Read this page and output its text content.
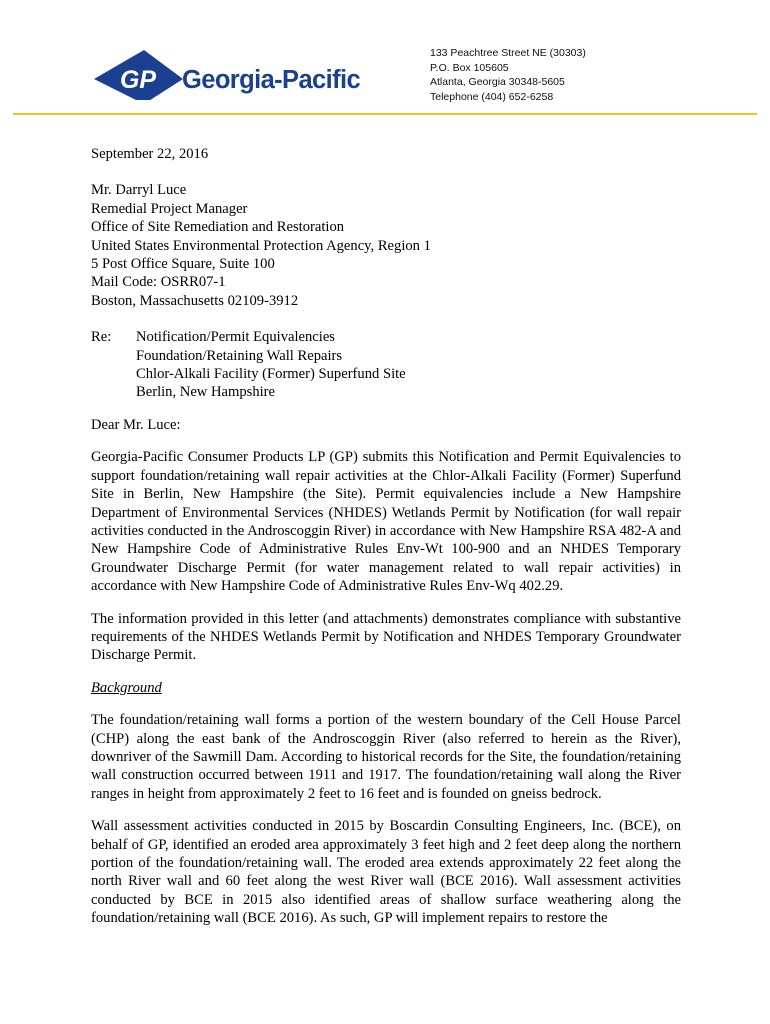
GP Georgia-Pacific
133 Peachtree Street NE (30303)
P.O. Box 105605
Atlanta, Georgia 30348-5605
Telephone (404) 652-6258
September 22, 2016
Mr. Darryl Luce
Remedial Project Manager
Office of Site Remediation and Restoration
United States Environmental Protection Agency, Region 1
5 Post Office Square, Suite 100
Mail Code: OSRR07-1
Boston, Massachusetts 02109-3912
Re:	Notification/Permit Equivalencies
Foundation/Retaining Wall Repairs
Chlor-Alkali Facility (Former) Superfund Site
Berlin, New Hampshire
Dear Mr. Luce:

Georgia-Pacific Consumer Products LP (GP) submits this Notification and Permit Equivalencies to support foundation/retaining wall repair activities at the Chlor-Alkali Facility (Former) Superfund Site in Berlin, New Hampshire (the Site). Permit equivalencies include a New Hampshire Department of Environmental Services (NHDES) Wetlands Permit by Notification (for wall repair activities conducted in the Androscoggin River) in accordance with New Hampshire RSA 482-A and New Hampshire Code of Administrative Rules Env-Wt 100-900 and an NHDES Temporary Groundwater Discharge Permit (for water management related to wall repair activities) in accordance with New Hampshire Code of Administrative Rules Env-Wq 402.29.

The information provided in this letter (and attachments) demonstrates compliance with substantive requirements of the NHDES Wetlands Permit by Notification and NHDES Temporary Groundwater Discharge Permit.

Background

The foundation/retaining wall forms a portion of the western boundary of the Cell House Parcel (CHP) along the east bank of the Androscoggin River (also referred to herein as the River), downriver of the Sawmill Dam. According to historical records for the Site, the foundation/retaining wall construction occurred between 1911 and 1917. The foundation/retaining wall along the River ranges in height from approximately 2 feet to 16 feet and is founded on gneiss bedrock.

Wall assessment activities conducted in 2015 by Boscardin Consulting Engineers, Inc. (BCE), on behalf of GP, identified an eroded area approximately 3 feet high and 2 feet deep along the northern portion of the foundation/retaining wall. The eroded area extends approximately 22 feet along the north River wall and 60 feet along the west River wall (BCE 2016). Wall assessment activities conducted by BCE in 2015 also identified areas of shallow surface weathering along the foundation/retaining wall (BCE 2016). As such, GP will implement repairs to restore the
